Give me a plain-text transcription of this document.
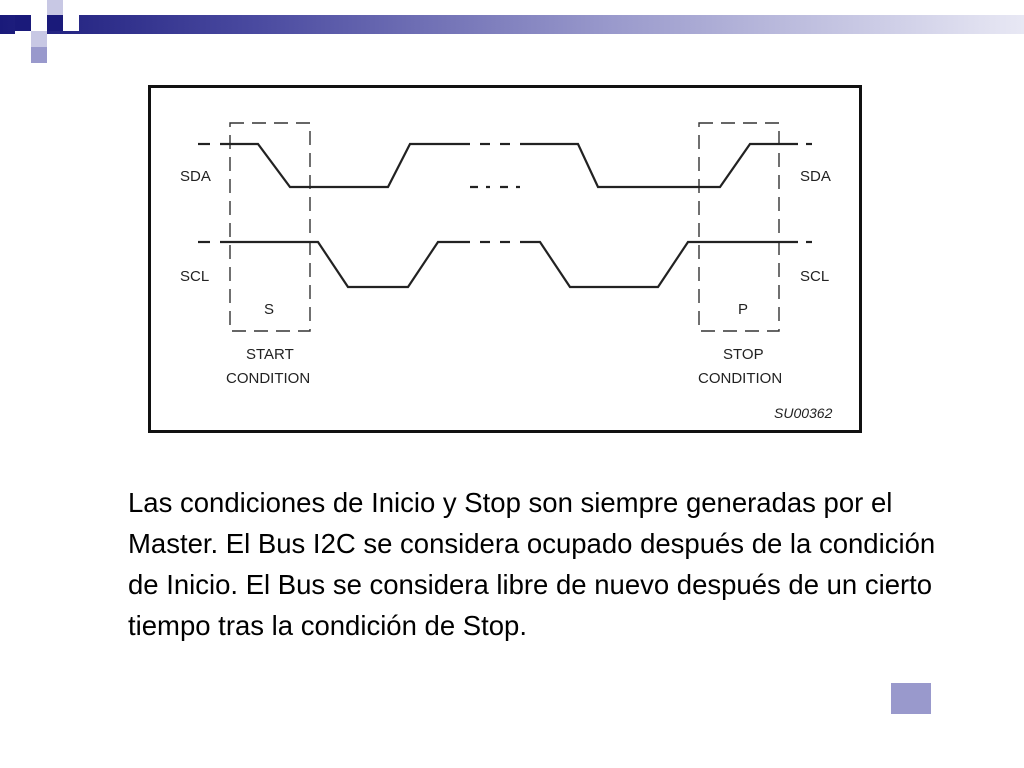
SDA
SCL
SDA
SCL
S	P
START
CONDITION
STOP
CONDITION
SU00362
Las condiciones de Inicio y Stop son siempre generadas por el Master. El Bus I2C se considera ocupado después de la condición de Inicio. El Bus se considera libre de nuevo después de un cierto tiempo tras la condición de Stop.
